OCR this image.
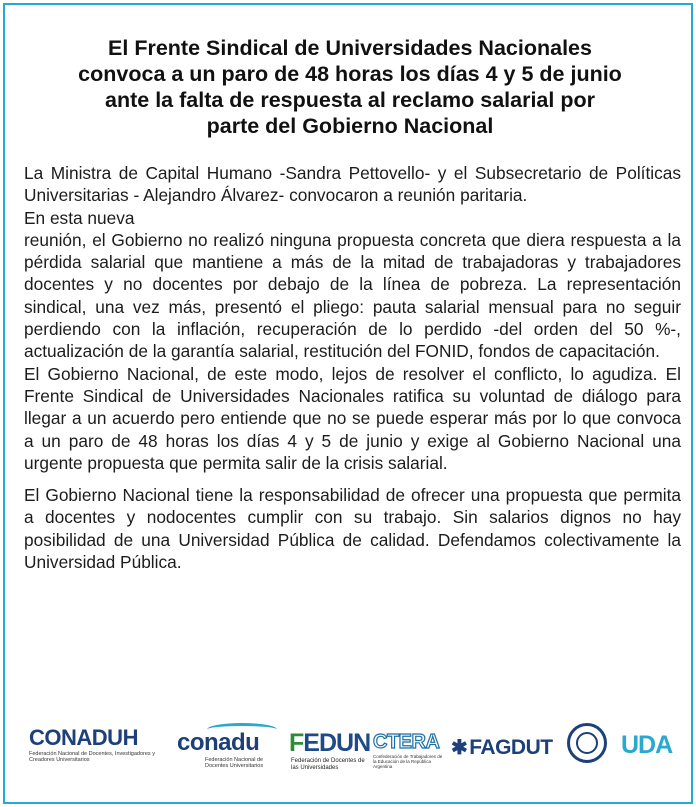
El Frente Sindical de Universidades Nacionales
convoca a un paro de 48 horas los días 4 y 5 de junio
ante la falta de respuesta al reclamo salarial por
parte del Gobierno Nacional

La Ministra de Capital Humano -Sandra Pettovello- y el Subsecretario de Políticas Universitarias - Alejandro Álvarez- convocaron a reunión paritaria.

En esta nueva

reunión, el Gobierno no realizó ninguna propuesta concreta que diera respuesta a la pérdida salarial que mantiene a más de la mitad de trabajadoras y trabajadores docentes y no docentes por debajo de la línea de pobreza. La representación sindical, una vez más, presentó el pliego: pauta salarial mensual para no seguir perdiendo con la inflación, recuperación de lo perdido -del orden del 50 %-, actualización de la garantía salarial, restitución del FONID, fondos de capacitación.

El Gobierno Nacional, de este modo, lejos de resolver el conflicto, lo agudiza. El Frente Sindical de Universidades Nacionales ratifica su voluntad de diálogo para llegar a un acuerdo pero entiende que no se puede esperar más por lo que convoca a un paro de 48 horas los días 4 y 5 de junio y exige al Gobierno Nacional una urgente propuesta que permita salir de la crisis salarial.

El Gobierno Nacional tiene la responsabilidad de ofrecer una propuesta que permita a docentes y nodocentes cumplir con su trabajo. Sin salarios dignos no hay posibilidad de una Universidad Pública de calidad. Defendamos colectivamente la Universidad Pública.

CONADUH
Federación Nacional de Docentes, Investigadores y Creadores Universitarios
conadu
Federación Nacional de Docentes Universitarios
FEDUN
Federación de Docentes de las Universidades
CTERA
Confederación de Trabajadores de la Educación de la República Argentina
✱FAGDUT	UDA
